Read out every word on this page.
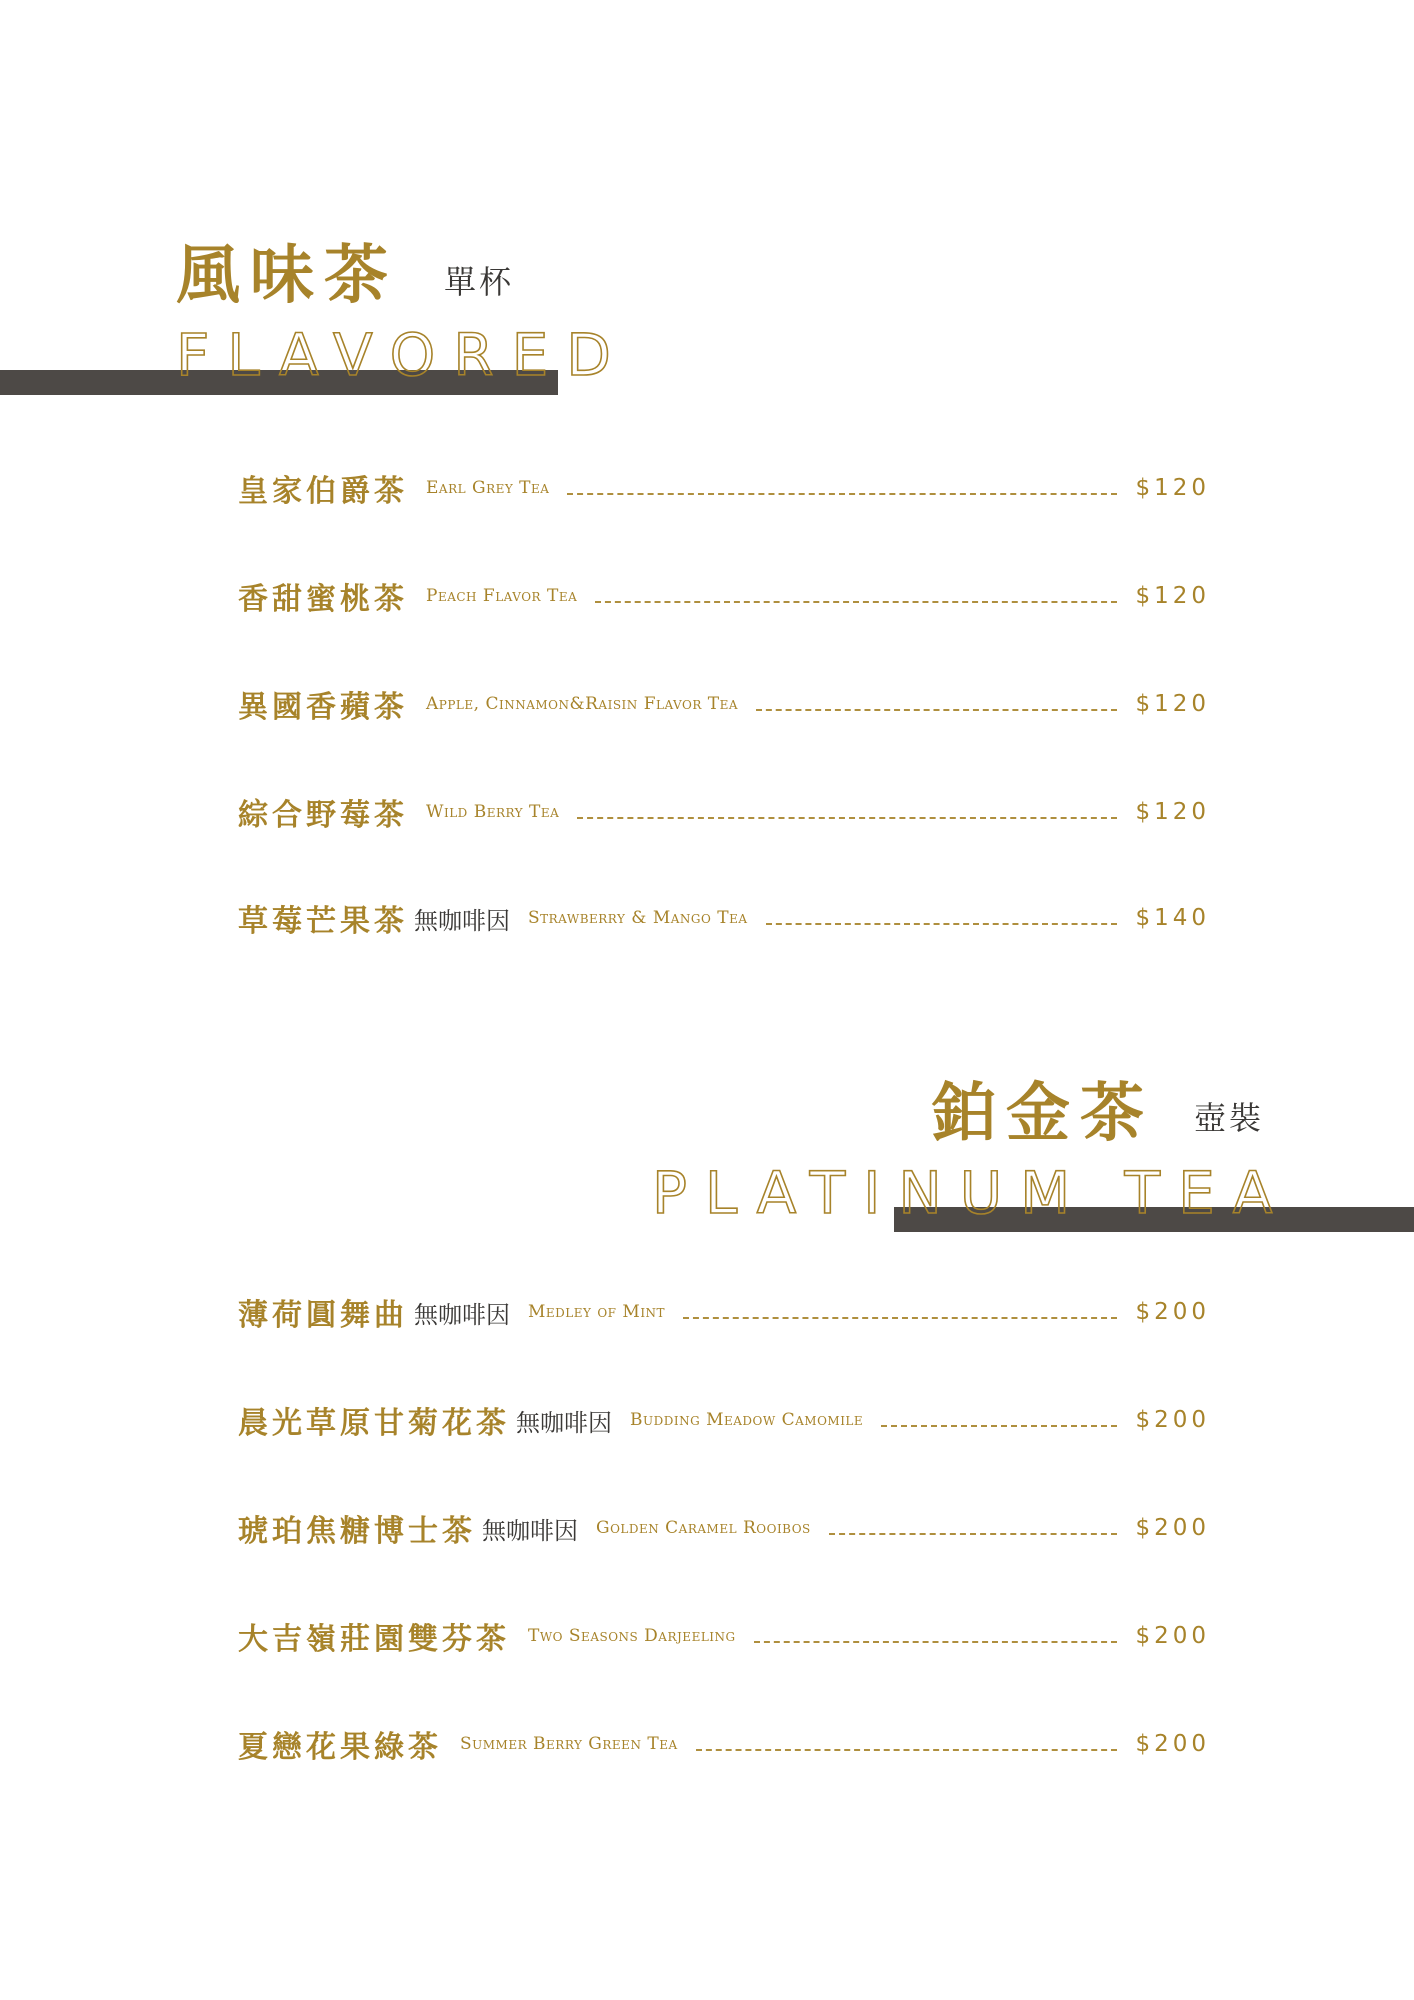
風味茶 單杯
FLAVORED
皇家伯爵茶 Earl Grey Tea	$120
香甜蜜桃茶 Peach Flavor Tea	$120
異國香蘋茶 Apple, Cinnamon&Raisin Flavor Tea	$120
綜合野莓茶 Wild Berry Tea	$120
草莓芒果茶 無咖啡因 Strawberry & Mango Tea	$140
鉑金茶 壺裝
PLATINUM TEA
薄荷圓舞曲 無咖啡因 Medley of Mint	$200
晨光草原甘菊花茶 無咖啡因 Budding Meadow Camomile	$200
琥珀焦糖博士茶 無咖啡因 Golden Caramel Rooibos	$200
大吉嶺莊園雙芬茶 Two Seasons Darjeeling	$200
夏戀花果綠茶 Summer Berry Green Tea	$200
